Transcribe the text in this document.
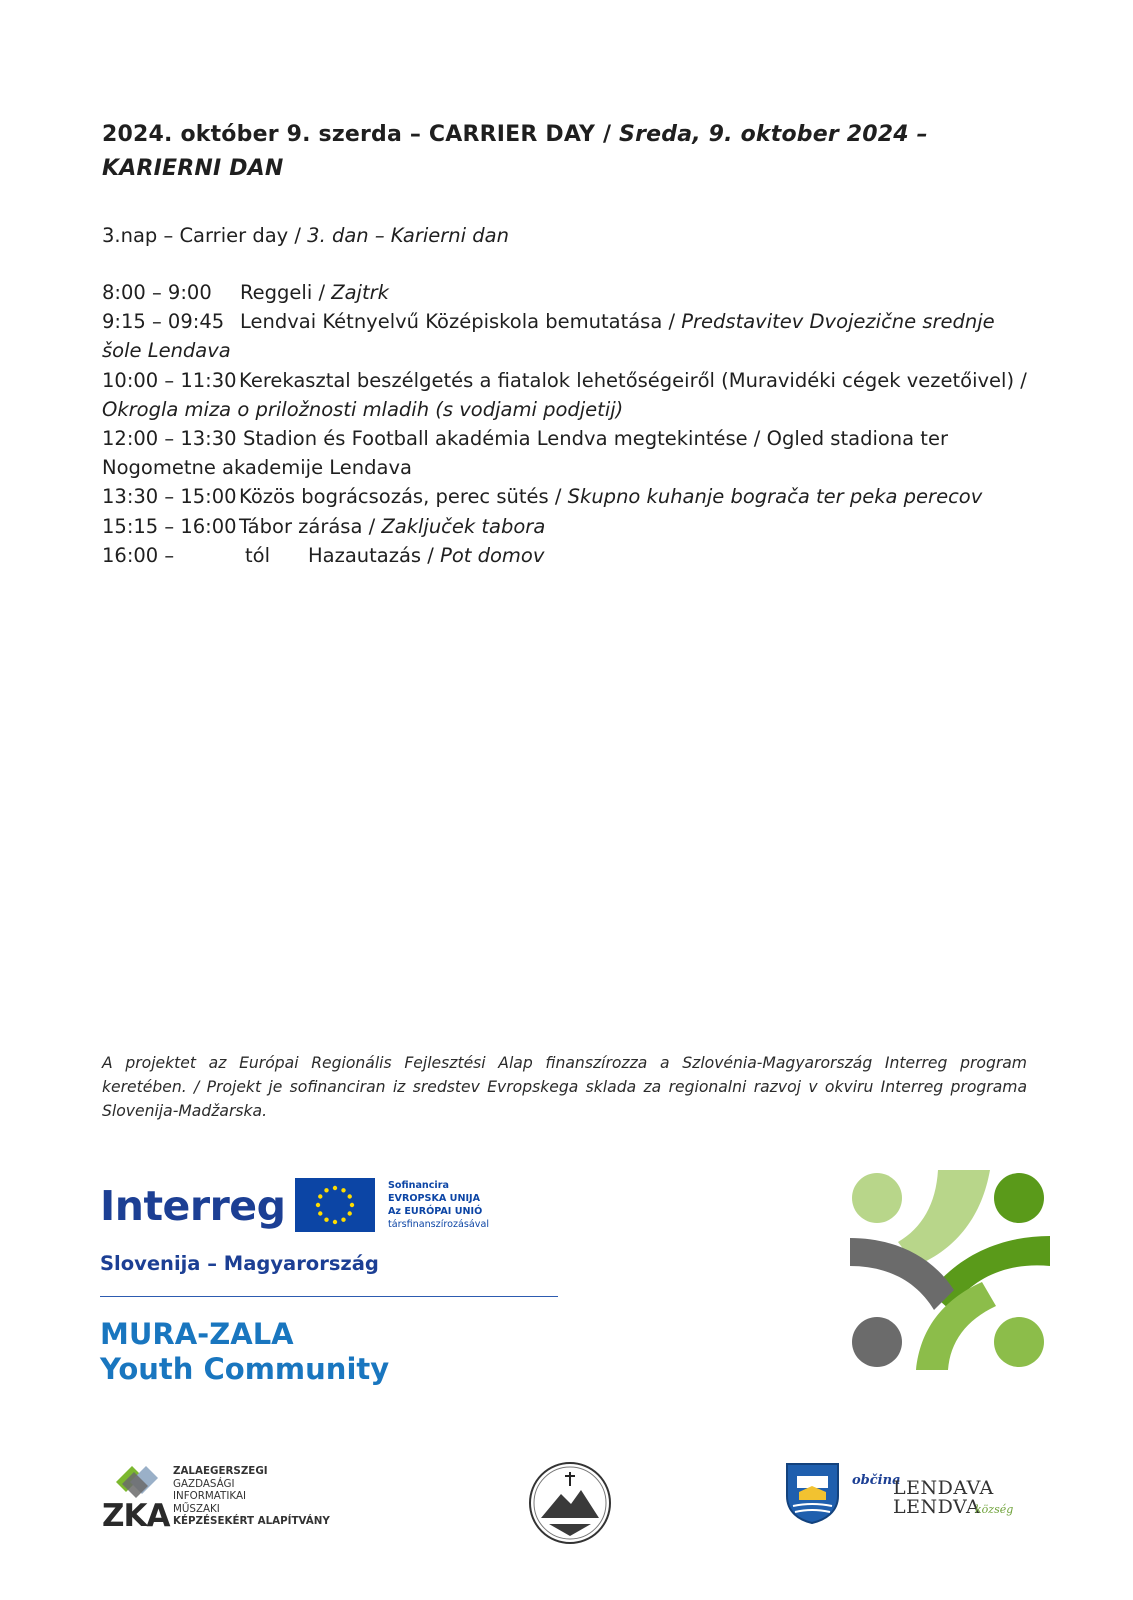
2024. október 9. szerda – CARRIER DAY / Sreda, 9. oktober 2024 – KARIERNI DAN
3.nap – Carrier day / 3. dan – Karierni dan

8:00 – 9:00 Reggeli / Zajtrk

9:15 – 09:45 Lendvai Kétnyelvű Középiskola bemutatása / Predstavitev Dvojezične srednje šole Lendava

10:00 – 11:30 Kerekasztal beszélgetés a fiatalok lehetőségeiről (Muravidéki cégek vezetőivel) / Okrogla miza o priložnosti mladih (s vodjami podjetij)

12:00 – 13:30 Stadion és Football akadémia Lendva megtekintése / Ogled stadiona ter Nogometne akademije Lendava

13:30 – 15:00 Közös bográcsozás, perec sütés / Skupno kuhanje bograča ter peka perecov

15:15 – 16:00 Tábor zárása / Zaključek tabora

16:00 –	tól Hazautazás / Pot domov

A projektet az Európai Regionális Fejlesztési Alap finanszírozza a Szlovénia-Magyarország Interreg program keretében. / Projekt je sofinanciran iz sredstev Evropskega sklada za regionalni razvoj v okviru Interreg programa Slovenija-Madžarska.
Interreg	Sofinancira
EVROPSKA UNIJA
Az EURÓPAI UNIÓ
társfinanszírozásával
Slovenija – Magyarország
MURA-ZALA
Youth Community
ZKA
ZALAEGERSZEGI
GAZDASÁGI
INFORMATIKAI
MŰSZAKI
KÉPZÉSEKÉRT ALAPÍTVÁNY
občina
LENDAVA
LENDVA
község
